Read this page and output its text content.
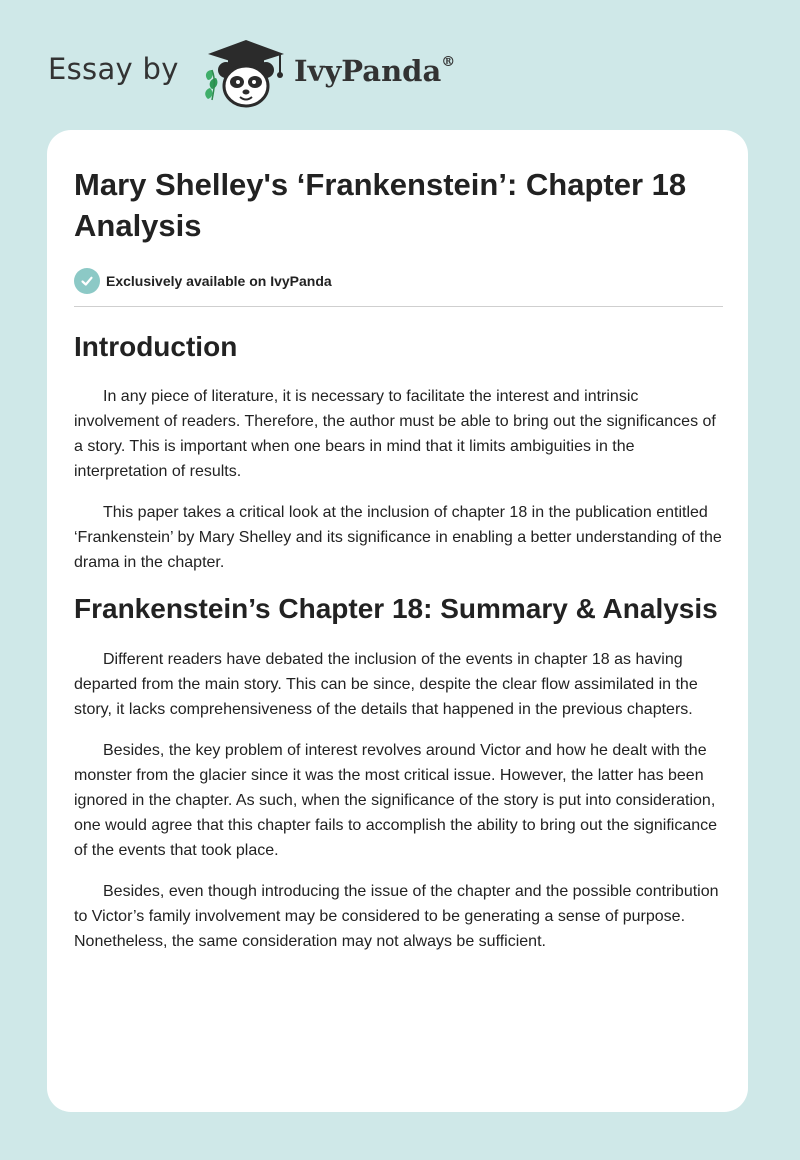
Essay by	IvyPanda®
Mary Shelley's ‘Frankenstein’: Chapter 18 Analysis
Exclusively available on IvyPanda
Introduction

In any piece of literature, it is necessary to facilitate the interest and intrinsic involvement of readers. Therefore, the author must be able to bring out the significances of a story. This is important when one bears in mind that it limits ambiguities in the interpretation of results.

This paper takes a critical look at the inclusion of chapter 18 in the publication entitled ‘Frankenstein’ by Mary Shelley and its significance in enabling a better understanding of the drama in the chapter.

Frankenstein’s Chapter 18: Summary & Analysis

Different readers have debated the inclusion of the events in chapter 18 as having departed from the main story. This can be since, despite the clear flow assimilated in the story, it lacks comprehensiveness of the details that happened in the previous chapters.

Besides, the key problem of interest revolves around Victor and how he dealt with the monster from the glacier since it was the most critical issue. However, the latter has been ignored in the chapter. As such, when the significance of the story is put into consideration, one would agree that this chapter fails to accomplish the ability to bring out the significance of the events that took place.

Besides, even though introducing the issue of the chapter and the possible contribution to Victor’s family involvement may be considered to be generating a sense of purpose. Nonetheless, the same consideration may not always be sufficient.
